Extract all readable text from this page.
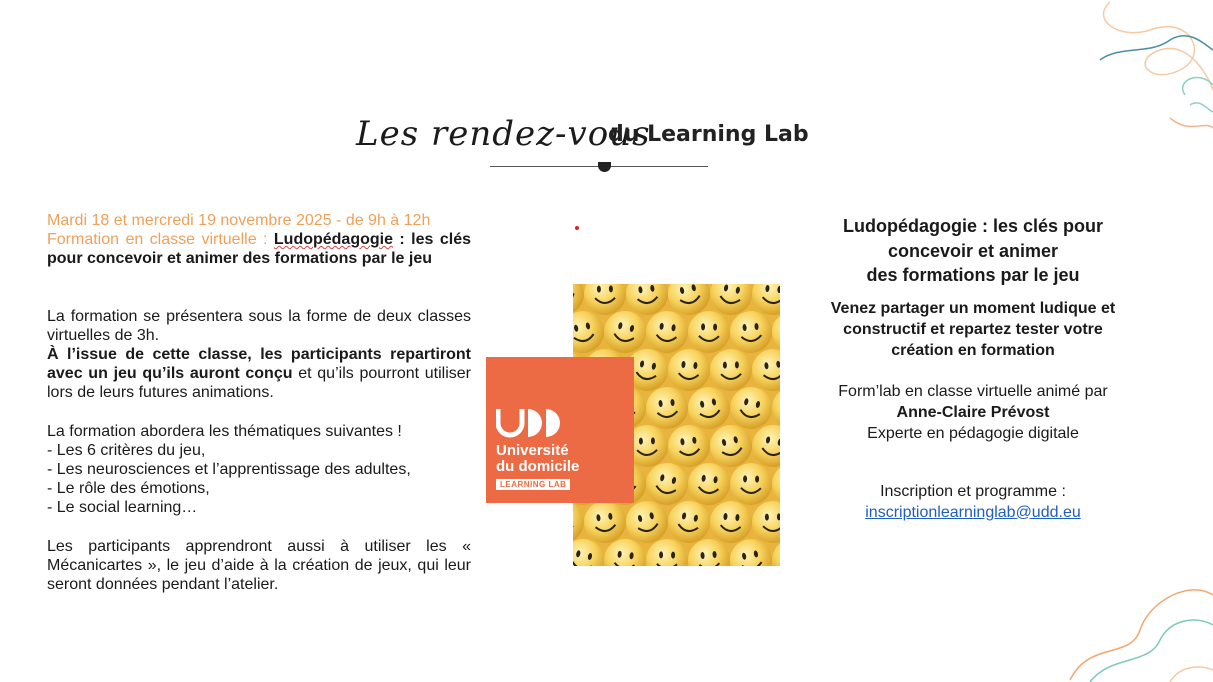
Les rendez-vous
du Learning Lab

Mardi 18 et mercredi 19 novembre 2025 - de 9h à 12h

Formation en classe virtuelle : Ludopédagogie : les clés pour concevoir et animer des formations par le jeu

La formation se présentera sous la forme de deux classes virtuelles de 3h.

À l’issue de cette classe, les participants repartiront avec un jeu qu’ils auront conçu et qu’ils pourront utiliser lors de leurs futures animations.

La formation abordera les thématiques suivantes !

- Les 6 critères du jeu,

- Les neurosciences et l’apprentissage des adultes,

- Le rôle des émotions,

- Le social learning…

Les participants apprendront aussi à utiliser les « Mécanicartes », le jeu d’aide à la création de jeux, qui leur seront données pendant l’atelier.

Université
du domicile
LEARNING LAB

Ludopédagogie : les clés pour

concevoir et animer

des formations par le jeu

Venez partager un moment ludique et
constructif et repartez tester votre
création en formation
Form’lab en classe virtuelle animé par
Anne-Claire Prévost
Experte en pédagogie digitale
Inscription et programme :
inscriptionlearninglab@udd.eu
